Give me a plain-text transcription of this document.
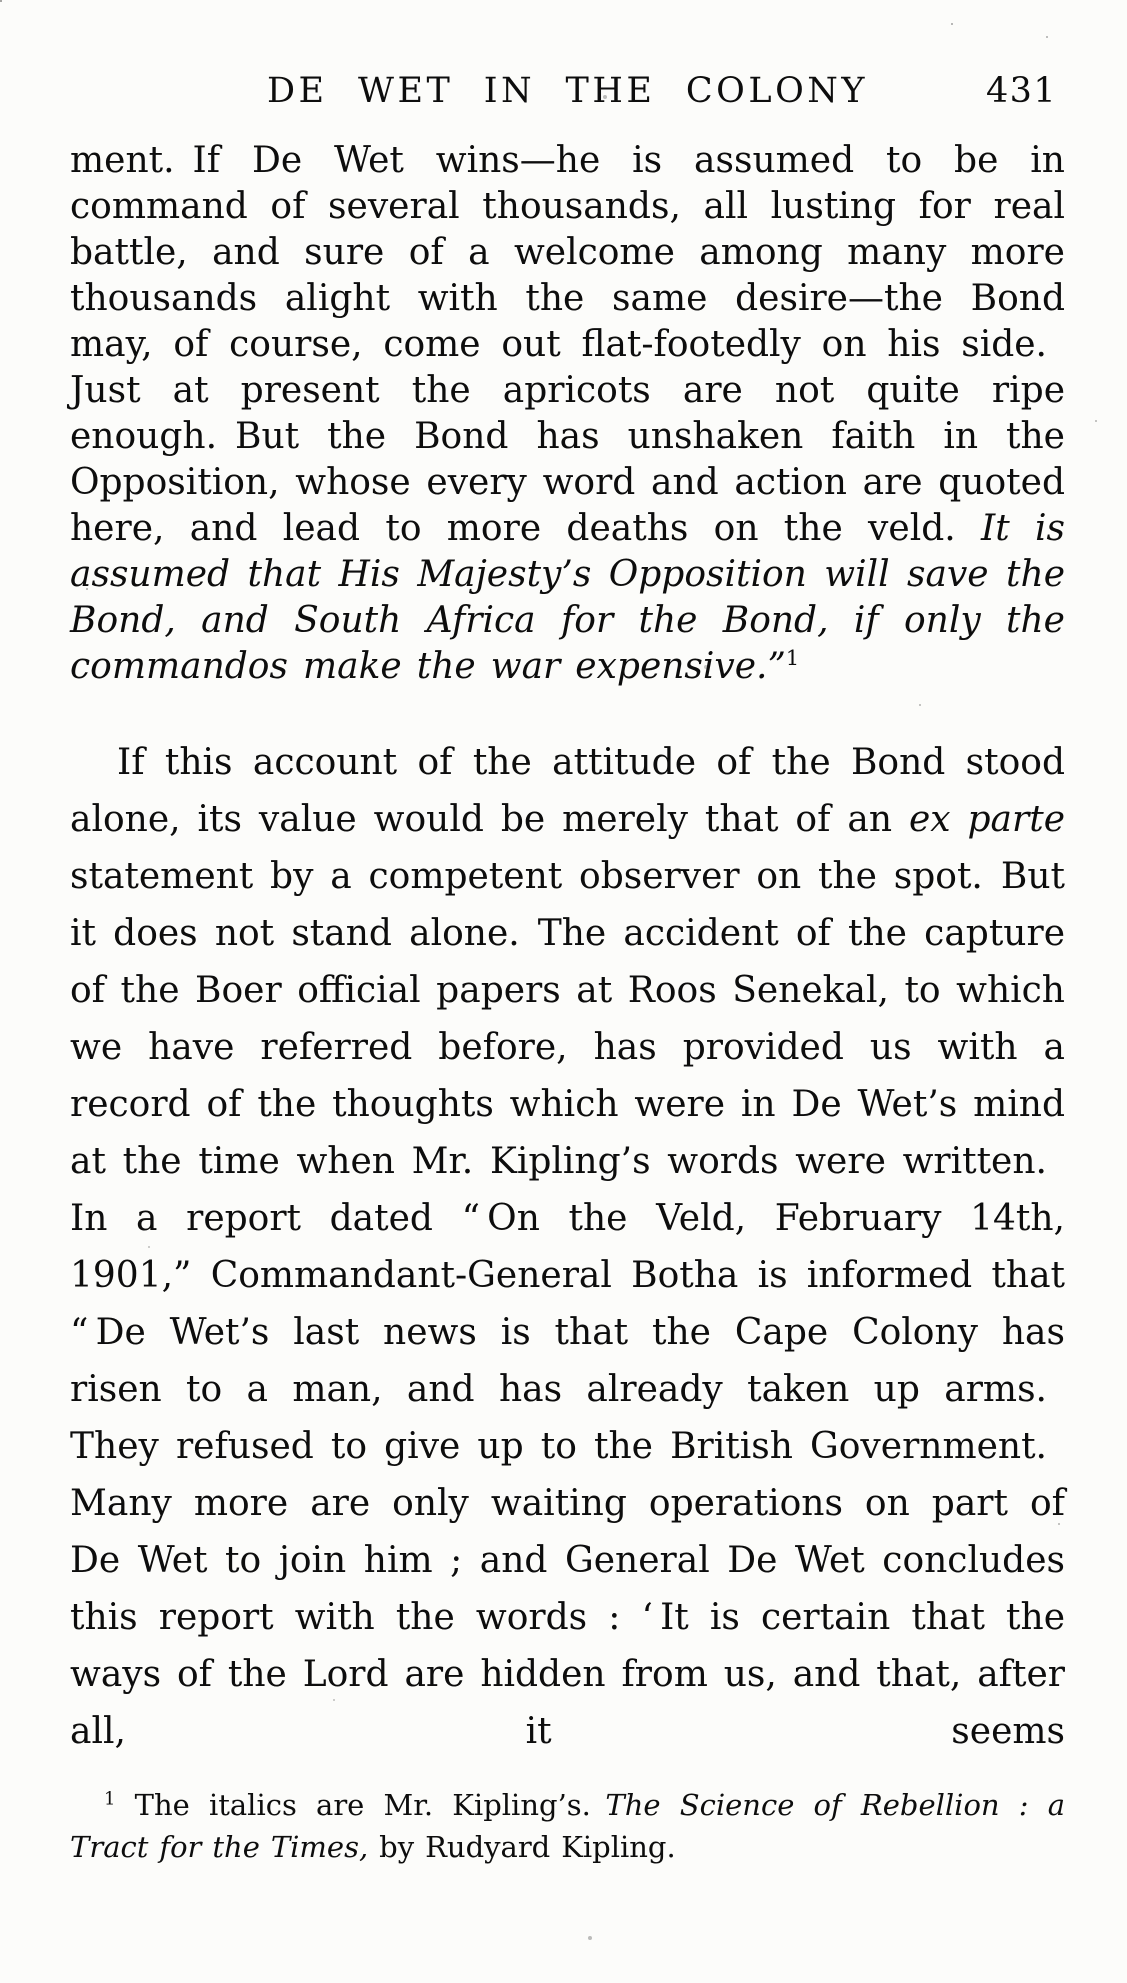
DE WET IN THE COLONY	431

ment. If De Wet wins—he is assumed to be in command of several thousands, all lusting for real battle, and sure of a welcome among many more thousands alight with the same desire—the Bond may, of course, come out flat-footedly on his side. Just at present the apricots are not quite ripe enough. But the Bond has unshaken faith in the Opposition, whose every word and action are quoted here, and lead to more deaths on the veld. It is assumed that His Majesty’s Opposition will save the Bond, and South Africa for the Bond, if only the commandos make the war expensive.”$^1$

If this account of the attitude of the Bond stood alone, its value would be merely that of an ex parte statement by a competent observer on the spot. But it does not stand alone. The accident of the capture of the Boer official papers at Roos Senekal, to which we have referred before, has provided us with a record of the thoughts which were in De Wet’s mind at the time when Mr. Kipling’s words were written. In a report dated “ On the Veld, February 14th, 1901,” Commandant-General Botha is informed that “ De Wet’s last news is that the Cape Colony has risen to a man, and has already taken up arms. They refused to give up to the British Government. Many more are only waiting operations on part of De Wet to join him ; and General De Wet concludes this report with the words : ‘ It is certain that the ways of the Lord are hidden from us, and that, after all, it seems

$^1$ The italics are Mr. Kipling’s. The Science of Rebellion : a Tract for the Times, by Rudyard Kipling.
